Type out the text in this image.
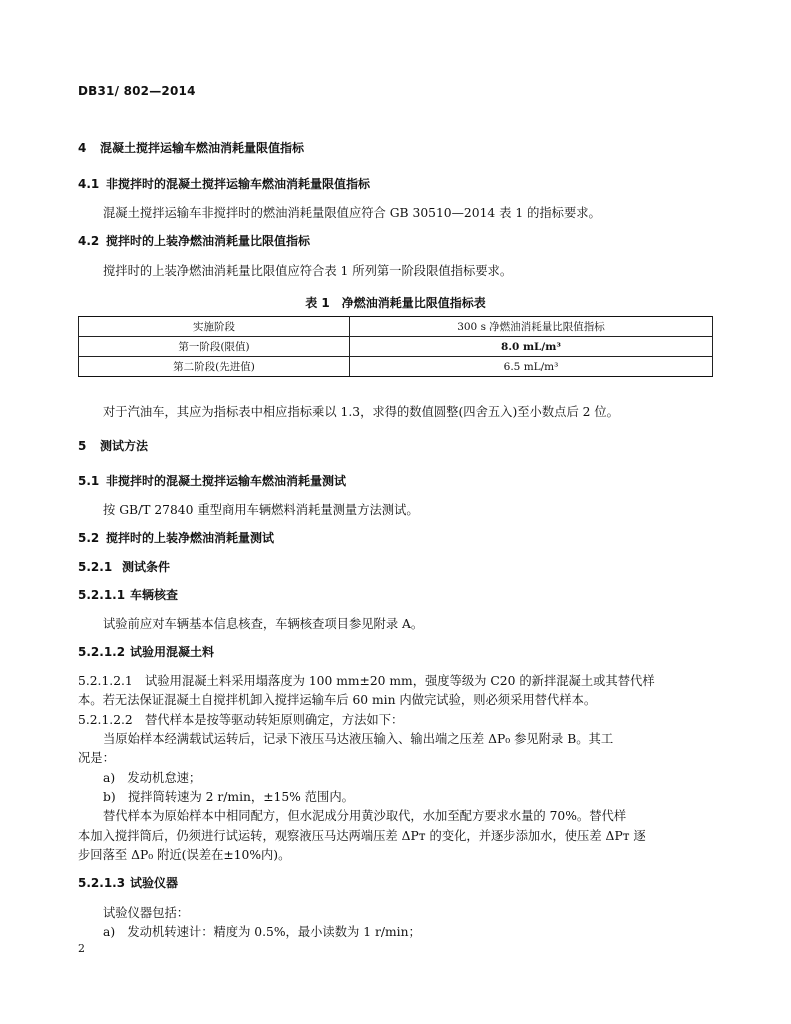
DB31/ 802—2014
4 混凝土搅拌运输车燃油消耗量限值指标
4.1 非搅拌时的混凝土搅拌运输车燃油消耗量限值指标
混凝土搅拌运输车非搅拌时的燃油消耗量限值应符合 GB 30510—2014 表 1 的指标要求。
4.2 搅拌时的上装净燃油消耗量比限值指标
搅拌时的上装净燃油消耗量比限值应符合表 1 所列第一阶段限值指标要求。
表 1　净燃油消耗量比限值指标表
实施阶段	300 s 净燃油消耗量比限值指标
第一阶段(限值)	8.0 mL/m³
第二阶段(先进值)	6.5 mL/m³
对于汽油车，其应为指标表中相应指标乘以 1.3，求得的数值圆整(四舍五入)至小数点后 2 位。
5 测试方法
5.1 非搅拌时的混凝土搅拌运输车燃油消耗量测试
按 GB/T 27840 重型商用车辆燃料消耗量测量方法测试。
5.2 搅拌时的上装净燃油消耗量测试
5.2.1 测试条件
5.2.1.1 车辆核查
试验前应对车辆基本信息核查，车辆核查项目参见附录 A。
5.2.1.2 试验用混凝土料
5.2.1.2.1　试验用混凝土料采用塌落度为 100 mm±20 mm，强度等级为 C20 的新拌混凝土或其替代样
本。若无法保证混凝土自搅拌机卸入搅拌运输车后 60 min 内做完试验，则必须采用替代样本。
5.2.1.2.2　替代样本是按等驱动转矩原则确定，方法如下：
当原始样本经满载试运转后，记录下液压马达液压输入、输出端之压差 ΔP₀ 参见附录 B。其工
况是：
a)　发动机怠速；
b)　搅拌筒转速为 2 r/min，±15% 范围内。
替代样本为原始样本中相同配方，但水泥成分用黄沙取代，水加至配方要求水量的 70%。替代样
本加入搅拌筒后，仍须进行试运转，观察液压马达两端压差 ΔPᴛ 的变化，并逐步添加水，使压差 ΔPᴛ 逐
步回落至 ΔP₀ 附近(误差在±10%内)。
5.2.1.3 试验仪器
试验仪器包括：
a)　发动机转速计：精度为 0.5%，最小读数为 1 r/min；
2
